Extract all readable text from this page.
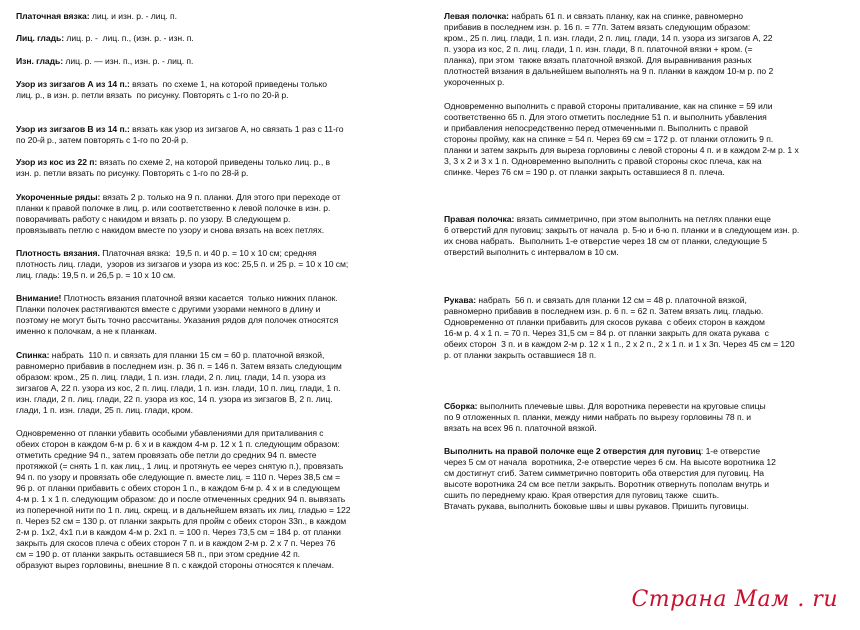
Платочная вязка: лиц. и изн. р. - лиц. п.

Лиц. гладь: лиц. р. -  лиц. п., (изн. р. - изн. п.

Изн. гладь: лиц. р. — изн. п., изн. р. - лиц. п.

Узор из зигзагов А из 14 п.: вязать  по схеме 1, на которой приведены только
лиц. р., в изн. р. петли вязать  по рисунку. Повторять с 1-го по 20-й р.

Узор из зигзагов В из 14 п.: вязать как узор из зигзагов А, но связать 1 раз с 11-го
по 20-й р., затем повторять с 1-го по 20-й р.

Узор из кос из 22 п: вязать по схеме 2, на которой приведены только лиц. р., в
изн. р. петли вязать по рисунку. Повторять с 1-го по 28-й р.

Укороченные ряды: вязать 2 р. только на 9 п. планки. Для этого при переходе от
планки к правой полочке в лиц. р. или соответственно к левой полочке в изн. р.
поворачивать работу с накидом и вязать р. по узору. В следующем р.
провязывать петлю с накидом вместе по узору и снова вязать на всех петлях.

Плотность вязания. Платочная вязка:  19,5 п. и 40 р. = 10 х 10 см; средняя
плотность лиц. глади,  узоров из зигзагов и узора из кос: 25,5 п. и 25 р. = 10 х 10 см;
лиц. гладь: 19,5 п. и 26,5 р. = 10 х 10 см.

Внимание! Плотность вязания платочной вязки касается  только нижних планок.
Планки полочек растягиваются вместе с другими узорами немного в длину и
поэтому не могут быть точно рассчитаны. Указания рядов для полочек относятся
именно к полочкам, а не к планкам.

Спинка: набрать  110 п. и связать для планки 15 см = 60 р. платочной вязкой,
равномерно прибавив в последнем изн. р. 36 п. = 146 п. Затем вязать следующим
образом: кром., 25 п. лиц. глади, 1 п. изн. глади, 2 п. лиц. глади, 14 п. узора из
зигзагов А, 22 п. узора из кос, 2 п. лиц. глади, 1 п. изн. глади, 10 п. лиц. глади, 1 п.
изн. глади, 2 п. лиц. глади, 22 п. узора из кос, 14 п. узора из зигзагов В, 2 п. лиц.
глади, 1 п. изн. глади, 25 п. лиц. глади, кром.

Одновременно от планки убавить особыми убавлениями для приталивания с
обеих сторон в каждом 6-м р. 6 х и в каждом 4-м р. 12 х 1 п. следующим образом:
отметить средние 94 п., затем провязать обе петли до средних 94 п. вместе
протяжкой (= снять 1 п. как лиц., 1 лиц. и протянуть ее через снятую п.), провязать
94 п. по узору и провязать обе следующие п. вместе лиц. = 110 п. Через 38,5 см =
96 р. от планки прибавить с обеих сторон 1 п., в каждом 6-м р. 4 х и в следующем
4-м р. 1 х 1 п. следующим образом: до и после отмеченных средних 94 п. вывязать
из поперечной нити по 1 п. лиц. скрещ. и в дальнейшем вязать их лиц. гладью = 122
п. Через 52 см = 130 р. от планки закрыть для пройм с обеих сторон 33п., в каждом
2-м р. 1х2, 4х1 п.и в каждом 4-м р. 2х1 п. = 100 п. Через 73,5 см = 184 р. от планки
закрыть для скосов плеча с обеих сторон 7 п. и в каждом 2-м р. 2 х 7 п. Через 76
см = 190 р. от планки закрыть оставшиеся 58 п., при этом средние 42 п.
образуют вырез горловины, внешние 8 п. с каждой стороны относятся к плечам.

Левая полочка: набрать 61 п. и связать планку, как на спинке, равномерно
прибавив в последнем изн. р. 16 п. = 77п. Затем вязать следующим образом:
кром., 25 п. лиц. глади, 1 п. изн. глади, 2 п. лиц. глади, 14 п. узора из зигзагов А, 22
п. узора из кос, 2 п. лиц. глади, 1 п. изн. глади, 8 п. платочной вязки + кром. (=
планка), при этом  также вязать платочной вязкой. Для выравнивания разных
плотностей вязания в дальнейшем выполнять на 9 п. планки в каждом 10-м р. по 2
укороченных р.

Одновременно выполнить с правой стороны приталивание, как на спинке = 59 или
соответственно 65 п. Для этого отметить последние 51 п. и выполнить убавления
и прибавления непосредственно перед отмеченными п. Выполнить с правой
стороны пройму, как на спинке = 54 п. Через 69 см = 172 р. от планки отложить 9 п.
планки и затем закрыть для выреза горловины с левой стороны 4 п. и в каждом 2-м р. 1 х
3, 3 х 2 и 3 х 1 п. Одновременно выполнить с правой стороны скос плеча, как на
спинке. Через 76 см = 190 р. от планки закрыть оставшиеся 8 п. плеча.

Правая полочка: вязать симметрично, при этом выполнить на петлях планки еще
6 отверстий для пуговиц: закрыть от начала  р. 5-ю и 6-ю п. планки и в следующем изн. р.
их снова набрать.  Выполнить 1-е отверстие через 18 см от планки, следующие 5
отверстий выполнить с интервалом в 10 см.

Рукава: набрать  56 п. и связать для планки 12 см = 48 р. платочной вязкой,
равномерно прибавив в последнем изн. р. 6 п. = 62 п. Затем вязать лиц. гладью.
Одновременно от планки прибавить для скосов рукава  с обеих сторон в каждом
16-м р. 4 х 1 п. = 70 п. Через 31,5 см = 84 р. от планки закрыть для оката рукава  с
обеих сторон  3 п. и в каждом 2-м р. 12 х 1 п., 2 х 2 п., 2 х 1 п. и 1 х 3п. Через 45 см = 120
р. от планки закрыть оставшиеся 18 п.

Сборка: выполнить плечевые швы. Для воротника перевести на круговые спицы
по 9 отложенных п. планки, между ними набрать по вырезу горловины 78 п. и
вязать на всех 96 п. платочной вязкой.

Выполнить на правой полочке еще 2 отверстия для пуговиц: 1-е отверстие
через 5 см от начала  воротника, 2-е отверстие через 6 см. На высоте воротника 12
см достигнут сгиб. Затем симметрично повторить оба отверстия для пуговиц. На
высоте воротника 24 см все петли закрыть. Воротник отвернуть пополам внутрь и
сшить по переднему краю. Края отверстия для пуговиц также  сшить.
Втачать рукава, выполнить боковые швы и швы рукавов. Пришить пуговицы.

Страна Мам . ru
